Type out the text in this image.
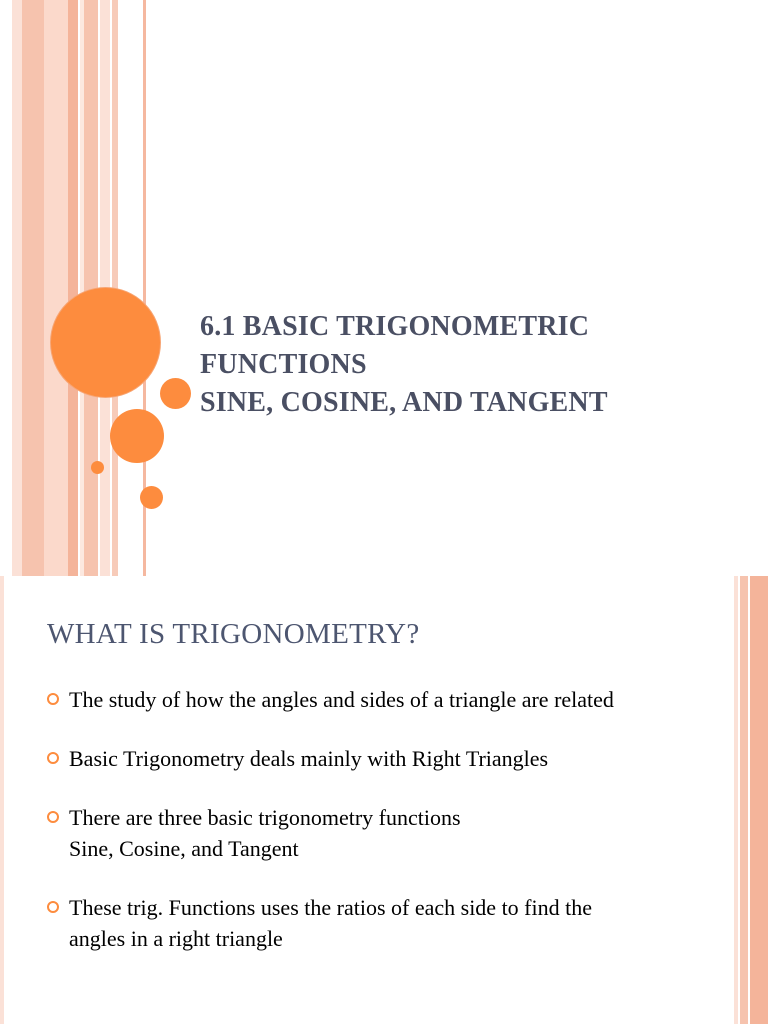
6.1 BASIC TRIGONOMETRIC
FUNCTIONS
SINE, COSINE, AND TANGENT
WHAT IS TRIGONOMETRY?
The study of how the angles and sides of a triangle are related
Basic Trigonometry deals mainly with Right Triangles
There are three basic trigonometry functions
Sine, Cosine, and Tangent
These trig. Functions uses the ratios of each side to find the
angles in a right triangle
